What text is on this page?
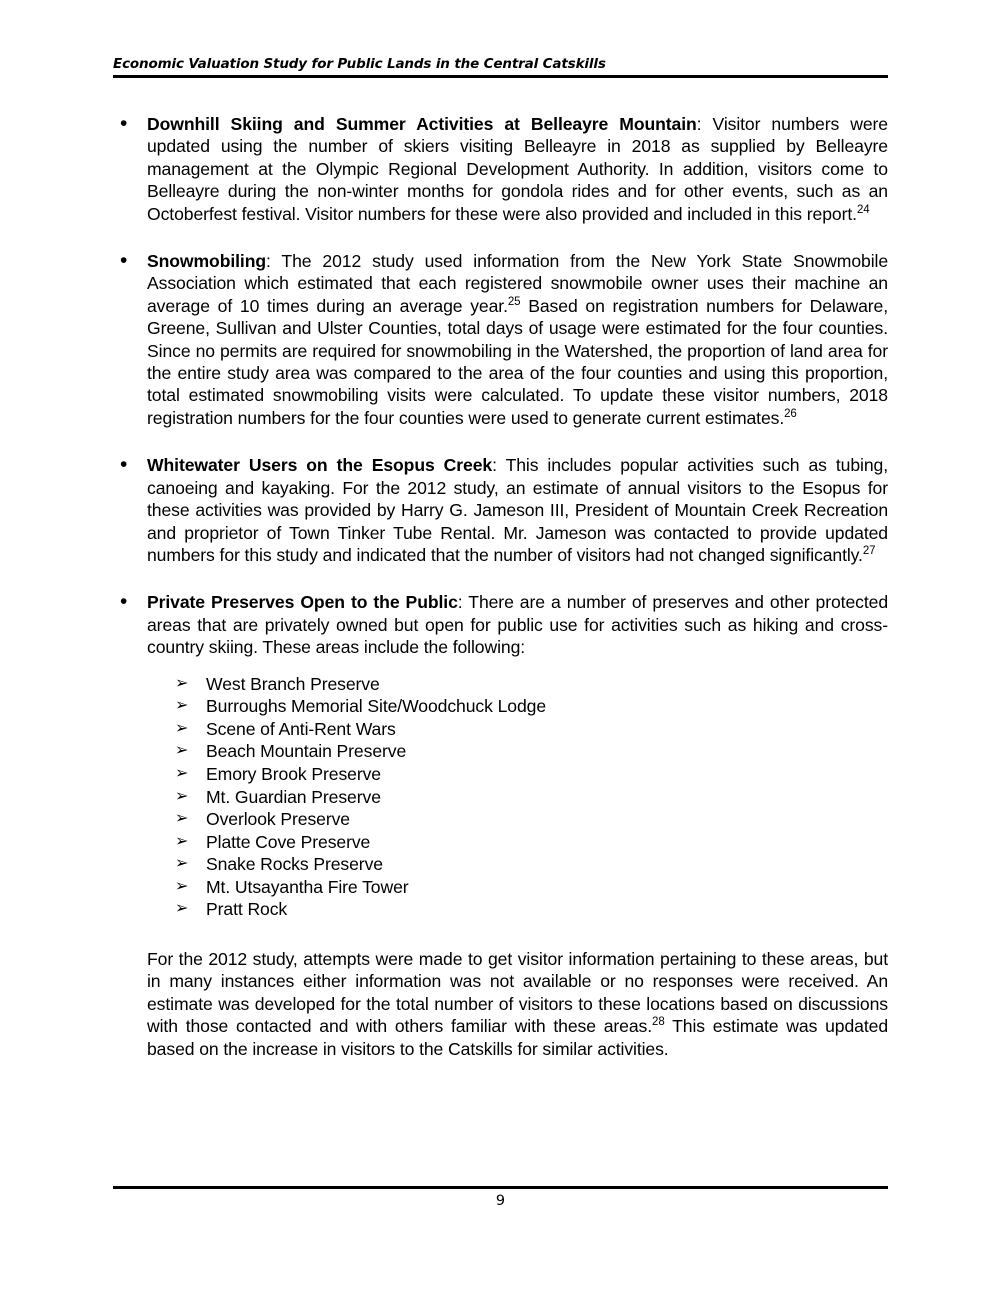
Economic Valuation Study for Public Lands in the Central Catskills
• Downhill Skiing and Summer Activities at Belleayre Mountain: Visitor numbers were updated using the number of skiers visiting Belleayre in 2018 as supplied by Belleayre management at the Olympic Regional Development Authority. In addition, visitors come to Belleayre during the non-winter months for gondola rides and for other events, such as an Octoberfest festival. Visitor numbers for these were also provided and included in this report.$^{24}$

• Snowmobiling: The 2012 study used information from the New York State Snowmobile Association which estimated that each registered snowmobile owner uses their machine an average of 10 times during an average year.$^{25}$ Based on registration numbers for Delaware, Greene, Sullivan and Ulster Counties, total days of usage were estimated for the four counties. Since no permits are required for snowmobiling in the Watershed, the proportion of land area for the entire study area was compared to the area of the four counties and using this proportion, total estimated snowmobiling visits were calculated. To update these visitor numbers, 2018 registration numbers for the four counties were used to generate current estimates.$^{26}$

• Whitewater Users on the Esopus Creek: This includes popular activities such as tubing, canoeing and kayaking. For the 2012 study, an estimate of annual visitors to the Esopus for these activities was provided by Harry G. Jameson III, President of Mountain Creek Recreation and proprietor of Town Tinker Tube Rental. Mr. Jameson was contacted to provide updated numbers for this study and indicated that the number of visitors had not changed significantly.$^{27}$

• Private Preserves Open to the Public: There are a number of preserves and other protected areas that are privately owned but open for public use for activities such as hiking and cross-country skiing. These areas include the following:

➢ West Branch Preserve
➢ Burroughs Memorial Site/Woodchuck Lodge
➢ Scene of Anti-Rent Wars
➢ Beach Mountain Preserve
➢ Emory Brook Preserve
➢ Mt. Guardian Preserve
➢ Overlook Preserve
➢ Platte Cove Preserve
➢ Snake Rocks Preserve
➢ Mt. Utsayantha Fire Tower
➢ Pratt Rock

For the 2012 study, attempts were made to get visitor information pertaining to these areas, but in many instances either information was not available or no responses were received. An estimate was developed for the total number of visitors to these locations based on discussions with those contacted and with others familiar with these areas.$^{28}$ This estimate was updated based on the increase in visitors to the Catskills for similar activities.

9
